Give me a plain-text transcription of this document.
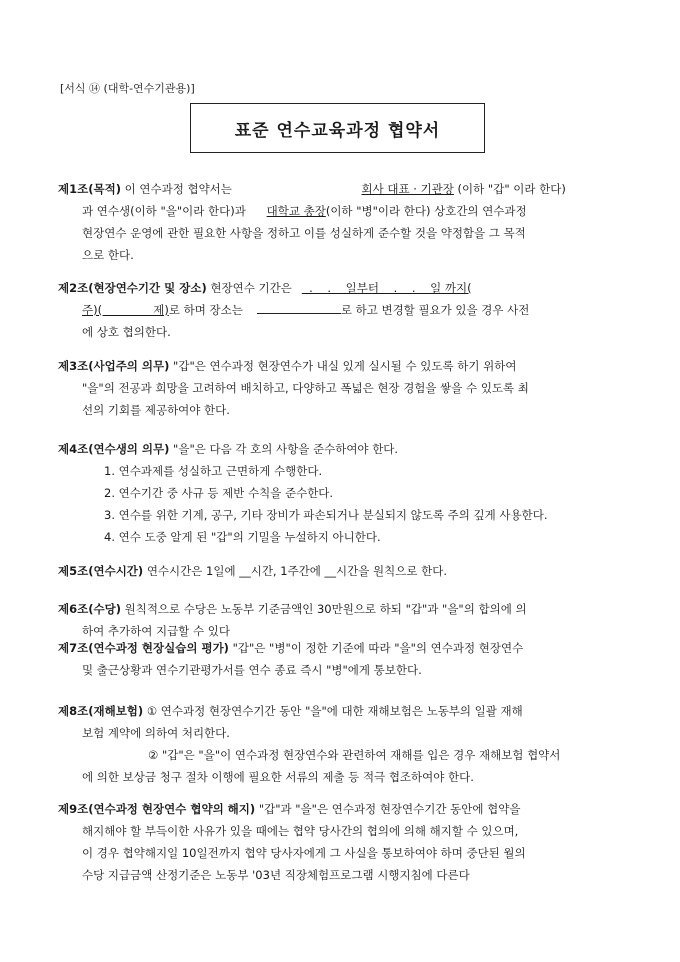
[서식 ⑭ (대학-연수기관용)]
표준 연수교육과정 협약서
제1조(목적) 이 연수과정 협약서는	회사 대표 · 기관장 (이하 "갑" 이라 한다)
과 연수생(이하 "을"이라 한다)과 대학교 총장(이하 "병"이라 한다) 상호간의 연수과정
현장연수 운영에 관한 필요한 사항을 정하고 이를 성실하게 준수할 것을 약정함을 그 목적
으로 한다.
제2조(현장연수기간 및 장소) 현장연수 기간은  .    .    일부터    .    .    일 까지(
주)(              제)로 하며 장소는	로 하고 변경할 필요가 있을 경우 사전
에 상호 협의한다.
제3조(사업주의 의무) "갑"은 연수과정 현장연수가 내실 있게 실시될 수 있도록 하기 위하여
"을"의 전공과 희망을 고려하여 배치하고, 다양하고 폭넓은 현장 경험을 쌓을 수 있도록 최
선의 기회를 제공하여야 한다.
제4조(연수생의 의무) "을"은 다음 각 호의 사항을 준수하여야 한다.
1. 연수과제를 성실하고 근면하게 수행한다.
2. 연수기간 중 사규 등 제반 수칙을 준수한다.
3. 연수를 위한 기계, 공구, 기타 장비가 파손되거나 분실되지 않도록 주의 깊게 사용한다.
4. 연수 도중 알게 된 "갑"의 기밀을 누설하지 아니한다.
제5조(연수시간) 연수시간은 1일에 __시간, 1주간에 __시간을 원칙으로 한다.
제6조(수당) 원칙적으로 수당은 노동부 기준금액인 30만원으로 하되 "갑"과 "을"의 합의에 의
하여 추가하여 지급할 수 있다
제7조(연수과정 현장실습의 평가) "갑"은 "병"이 정한 기준에 따라 "을"의 연수과정 현장연수
및 출근상황과 연수기관평가서를 연수 종료 즉시 "병"에게 통보한다.
제8조(재해보험) ① 연수과정 현장연수기간 동안 "을"에 대한 재해보험은 노동부의 일괄 재해
보험 계약에 의하여 처리한다.
② "갑"은 "을"이 연수과정 현장연수와 관련하여 재해를 입은 경우 재해보험 협약서
에 의한 보상금 청구 절차 이행에 필요한 서류의 제출 등 적극 협조하여야 한다.
제9조(연수과정 현장연수 협약의 해지) "갑"과 "을"은 연수과정 현장연수기간 동안에 협약을
해지해야 할 부득이한 사유가 있을 때에는 협약 당사간의 협의에 의해 해지할 수 있으며,
이 경우 협약해지일 10일전까지 협약 당사자에게 그 사실을 통보하여야 하며 중단된 월의
수당 지급금액 산정기준은 노동부 '03년 직장체험프로그램 시행지침에 다른다
